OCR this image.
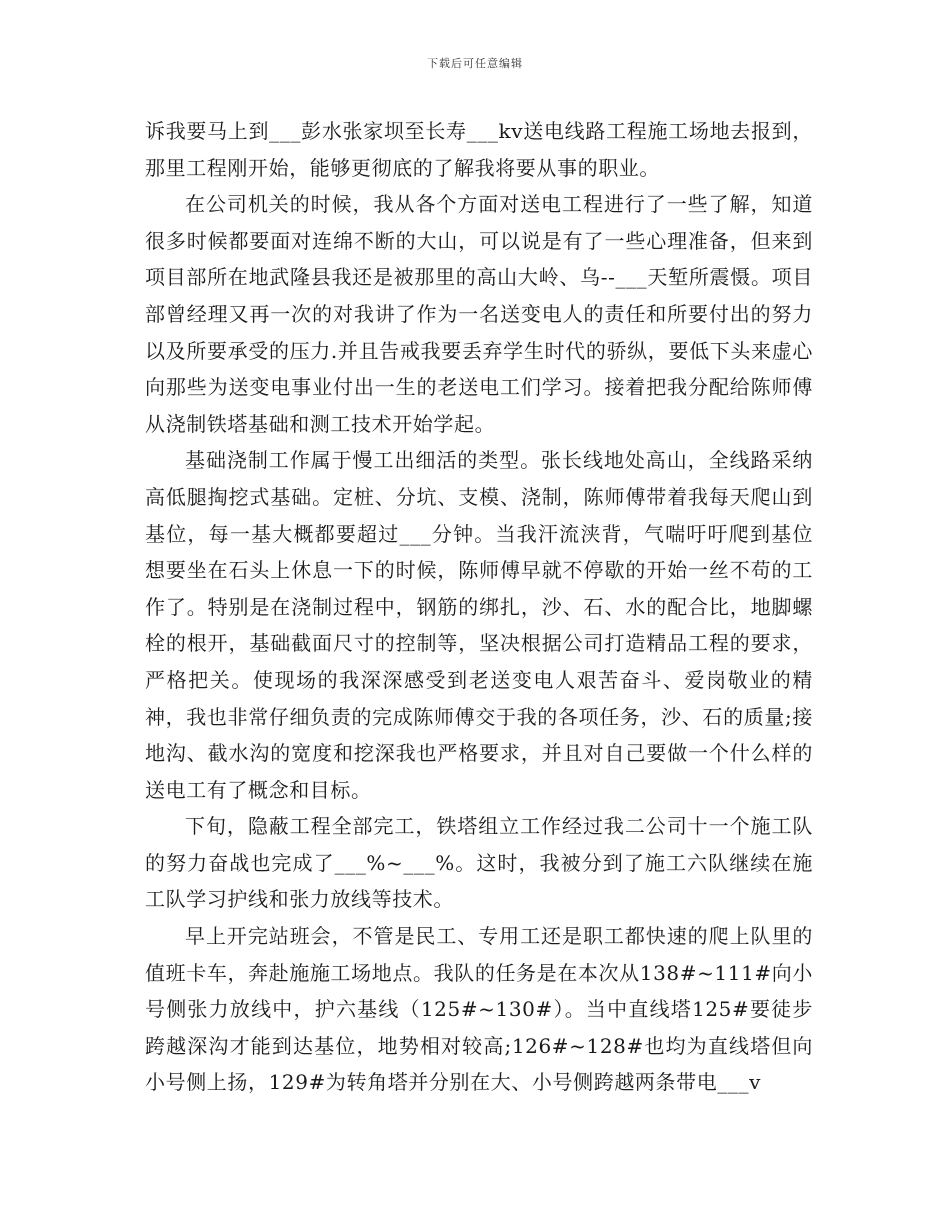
下载后可任意编辑

诉我要马上到___彭水张家坝至长寿___kv送电线路工程施工场地去报到，那里工程刚开始，能够更彻底的了解我将要从事的职业。

在公司机关的时候，我从各个方面对送电工程进行了一些了解，知道很多时候都要面对连绵不断的大山，可以说是有了一些心理准备，但来到项目部所在地武隆县我还是被那里的高山大岭、乌--___天堑所震慑。项目部曾经理又再一次的对我讲了作为一名送变电人的责任和所要付出的努力以及所要承受的压力.并且告戒我要丢弃学生时代的骄纵，要低下头来虚心向那些为送变电事业付出一生的老送电工们学习。接着把我分配给陈师傅从浇制铁塔基础和测工技术开始学起。

基础浇制工作属于慢工出细活的类型。张长线地处高山，全线路采纳高低腿掏挖式基础。定桩、分坑、支模、浇制，陈师傅带着我每天爬山到基位，每一基大概都要超过___分钟。当我汗流浃背，气喘吁吁爬到基位想要坐在石头上休息一下的时候，陈师傅早就不停歇的开始一丝不苟的工作了。特别是在浇制过程中，钢筋的绑扎，沙、石、水的配合比，地脚螺栓的根开，基础截面尺寸的控制等，坚决根据公司打造精品工程的要求，严格把关。使现场的我深深感受到老送变电人艰苦奋斗、爱岗敬业的精神，我也非常仔细负责的完成陈师傅交于我的各项任务，沙、石的质量;接地沟、截水沟的宽度和挖深我也严格要求，并且对自己要做一个什么样的送电工有了概念和目标。

下旬，隐蔽工程全部完工，铁塔组立工作经过我二公司十一个施工队的努力奋战也完成了___%~___%。这时，我被分到了施工六队继续在施工队学习护线和张力放线等技术。

早上开完站班会，不管是民工、专用工还是职工都快速的爬上队里的值班卡车，奔赴施施工场地点。我队的任务是在本次从138#~111#向小号侧张力放线中，护六基线（125#~130#）。当中直线塔125#要徒步跨越深沟才能到达基位，地势相对较高;126#~128#也均为直线塔但向小号侧上扬，129#为转角塔并分别在大、小号侧跨越两条带电___v
